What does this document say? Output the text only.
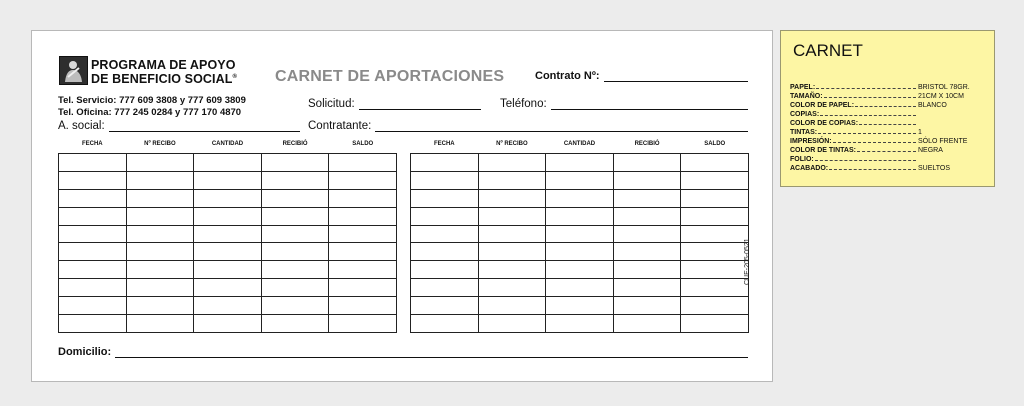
PROGRAMA DE APOYO
DE BENEFICIO SOCIAL®
Tel. Servicio: 777 609 3808 y 777 609 3809
Tel. Oficina: 777 245 0284 y 777 170 4870
CARNET DE APORTACIONES	Contrato Nº:
Solicitud:	Teléfono:
A. social:	Contratante:
FECHA	Nº RECIBO	CANTIDAD	RECIBIÓ	SALDO

					FECHA	Nº RECIBO	CANTIDAD	RECIBIÓ	SALDO

CUE-205-0521
Domicilio:
CARNET
PAPEL:	BRISTOL 78GR.
TAMAÑO:	21CM X 10CM
COLOR DE PAPEL:	BLANCO
COPIAS:
COLOR DE COPIAS:
TINTAS:	1
IMPRESIÓN:	SÓLO FRENTE
COLOR DE TINTAS:	NEGRA
FOLIO:
ACABADO:	SUELTOS
